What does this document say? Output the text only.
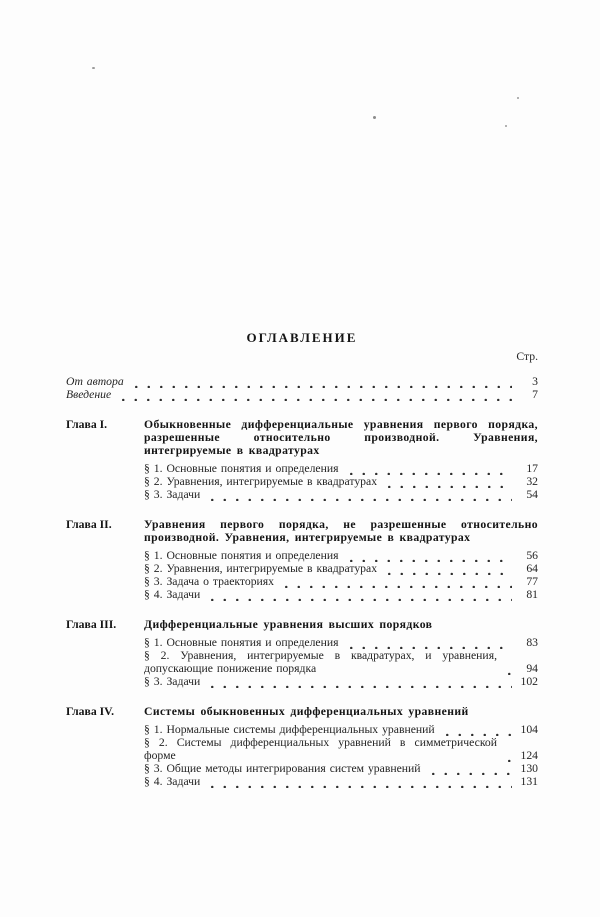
ОГЛАВЛЕНИЕ
Стр.
От автора	3
Введение	7
Глава I.	Обыкновенные дифференциальные уравнения первого порядка, разрешенные относительно производной. Уравнения, интегрируемые в квадратурах
§ 1. Основные понятия и определения	17
§ 2. Уравнения, интегрируемые в квадратурах	32
§ 3. Задачи	54
Глава II.	Уравнения первого порядка, не разрешенные относительно производной. Уравнения, интегрируемые в квадратурах
§ 1. Основные понятия и определения	56
§ 2. Уравнения, интегрируемые в квадратурах	64
§ 3. Задача о траекториях	77
§ 4. Задачи	81
Глава III.	Дифференциальные уравнения высших порядков
§ 1. Основные понятия и определения	83
§ 2. Уравнения, интегрируемые в квадратурах, и уравнения, допускающие понижение порядка	94
§ 3. Задачи	102
Глава IV.	Системы обыкновенных дифференциальных уравнений
§ 1. Нормальные системы дифференциальных уравнений	104
§ 2. Системы дифференциальных уравнений в симметрической форме	124
§ 3. Общие методы интегрирования систем уравнений	130
§ 4. Задачи	131
